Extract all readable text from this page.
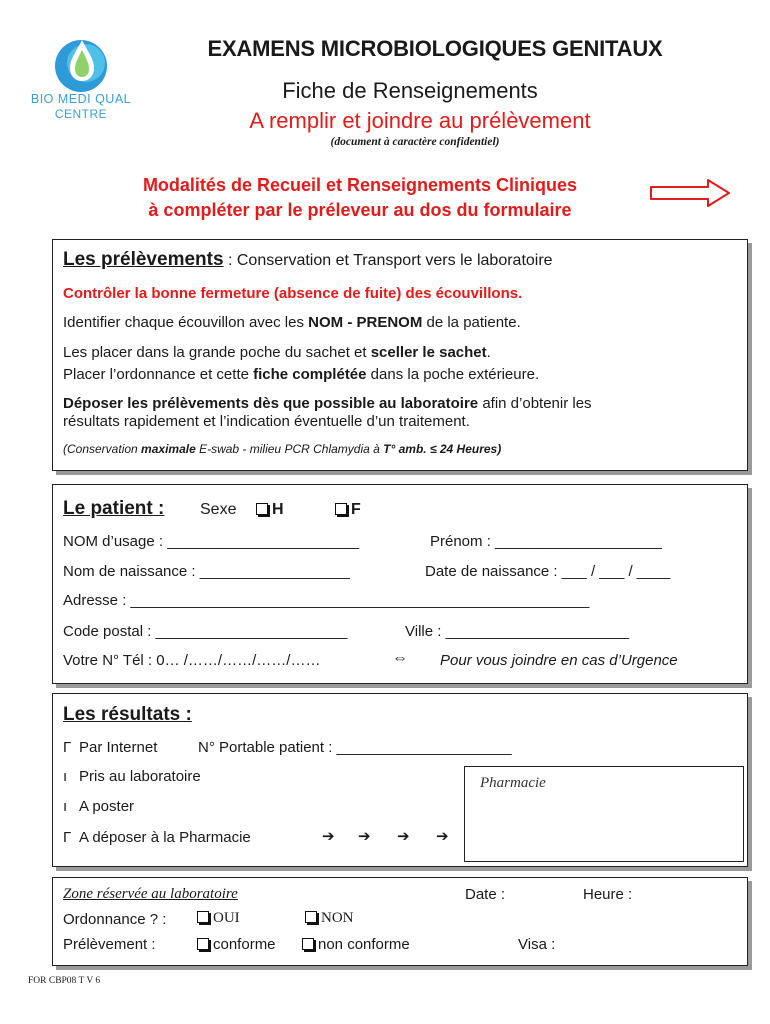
BIO MEDI QUAL
CENTRE
EXAMENS MICROBIOLOGIQUES GENITAUX
Fiche de Renseignements
A remplir et joindre au prélèvement
(document à caractère confidentiel)
Modalités de Recueil et Renseignements Cliniques
à compléter par le préleveur au dos du formulaire
Les prélèvements : Conservation et Transport vers le laboratoire
Contrôler la bonne fermeture (absence de fuite) des écouvillons.
Identifier chaque écouvillon avec les NOM - PRENOM de la patiente.
Les placer dans la grande poche du sachet et sceller le sachet.
Placer l’ordonnance et cette fiche complétée dans la poche extérieure.
Déposer les prélèvements dès que possible au laboratoire afin d’obtenir les
résultats rapidement et l’indication éventuelle d’un traitement.
(Conservation maximale E-swab - milieu PCR Chlamydia à T° amb. ≤ 24 Heures)
Le patient : Sexe	H	F
NOM d’usage : _______________________	Prénom : ____________________
Nom de naissance : __________________	Date de naissance : ___ / ___ / ____
Adresse : _______________________________________________________
Code postal : _______________________	Ville : ______________________
Votre N° Tél : 0… /……/……/……/……	⇔ Pour vous joindre en cas d’Urgence
Les résultats :
Γ Par Internet	N° Portable patient : _____________________
ı Pris au laboratoire
ı A poster
Γ A déposer à la Pharmacie	➔ ➔ ➔ ➔
Pharmacie
Zone réservée au laboratoire	Date :	Heure :
Ordonnance ? :	OUI	NON
Prélèvement :	conforme	non conforme	Visa :
FOR CBP08 T V 6
